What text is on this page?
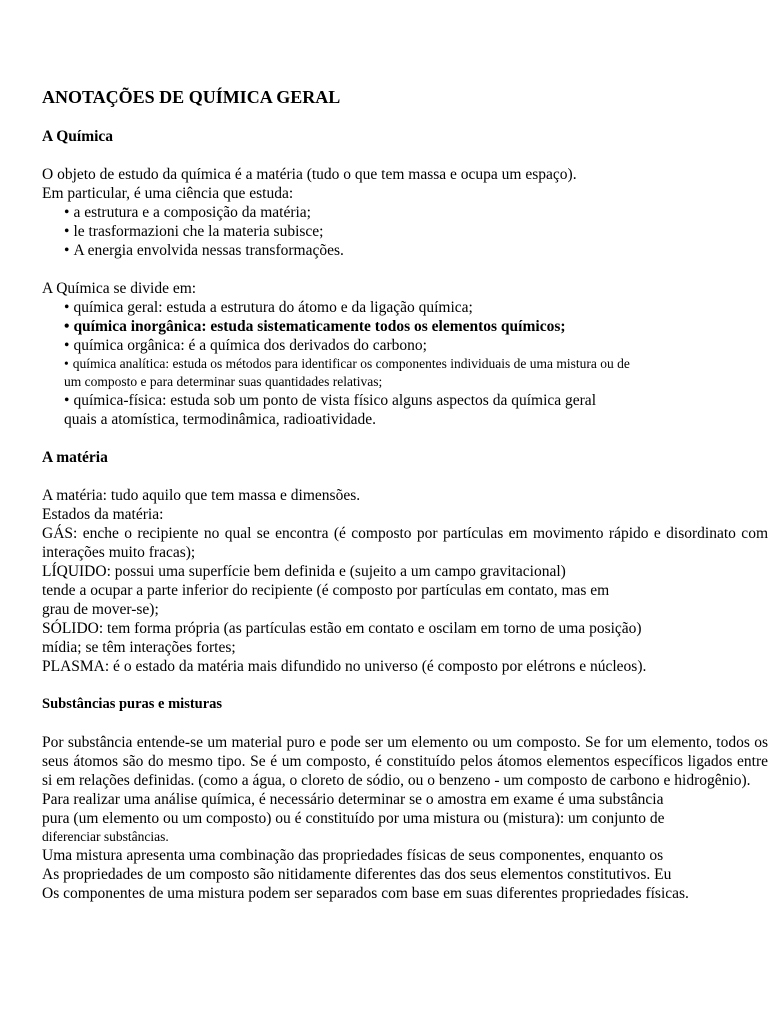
ANOTAÇÕES DE QUÍMICA GERAL
A Química

O objeto de estudo da química é a matéria (tudo o que tem massa e ocupa um espaço).

Em particular, é uma ciência que estuda:

• a estrutura e a composição da matéria;
• le trasformazioni che la materia subisce;
• A energia envolvida nessas transformações.

A Química se divide em:

• química geral: estuda a estrutura do átomo e da ligação química;
• química inorgânica: estuda sistematicamente todos os elementos químicos;
• química orgânica: é a química dos derivados do carbono;
• química analítica: estuda os métodos para identificar os componentes individuais de uma mistura ou de
um composto e para determinar suas quantidades relativas;
• química-física: estuda sob um ponto de vista físico alguns aspectos da química geral

quais a atomística, termodinâmica, radioatividade.

A matéria

A matéria: tudo aquilo que tem massa e dimensões.

Estados da matéria:

GÁS: enche o recipiente no qual se encontra (é composto por partículas em movimento rápido e disordinato com interações muito fracas);

LÍQUIDO: possui uma superfície bem definida e (sujeito a um campo gravitacional)

tende a ocupar a parte inferior do recipiente (é composto por partículas em contato, mas em

grau de mover-se);

SÓLIDO: tem forma própria (as partículas estão em contato e oscilam em torno de uma posição)

mídia; se têm interações fortes;

PLASMA: é o estado da matéria mais difundido no universo (é composto por elétrons e núcleos).

Substâncias puras e misturas

Por substância entende-se um material puro e pode ser um elemento ou um composto. Se for um elemento, todos os seus átomos são do mesmo tipo. Se é um composto, é constituído pelos átomos elementos específicos ligados entre si em relações definidas. (como a água, o cloreto de sódio, ou o benzeno - um composto de carbono e hidrogênio).

Para realizar uma análise química, é necessário determinar se o amostra em exame é uma substância

pura (um elemento ou um composto) ou é constituído por uma mistura ou (mistura): um conjunto de

diferenciar substâncias.

Uma mistura apresenta uma combinação das propriedades físicas de seus componentes, enquanto os

As propriedades de um composto são nitidamente diferentes das dos seus elementos constitutivos. Eu

Os componentes de uma mistura podem ser separados com base em suas diferentes propriedades físicas.
